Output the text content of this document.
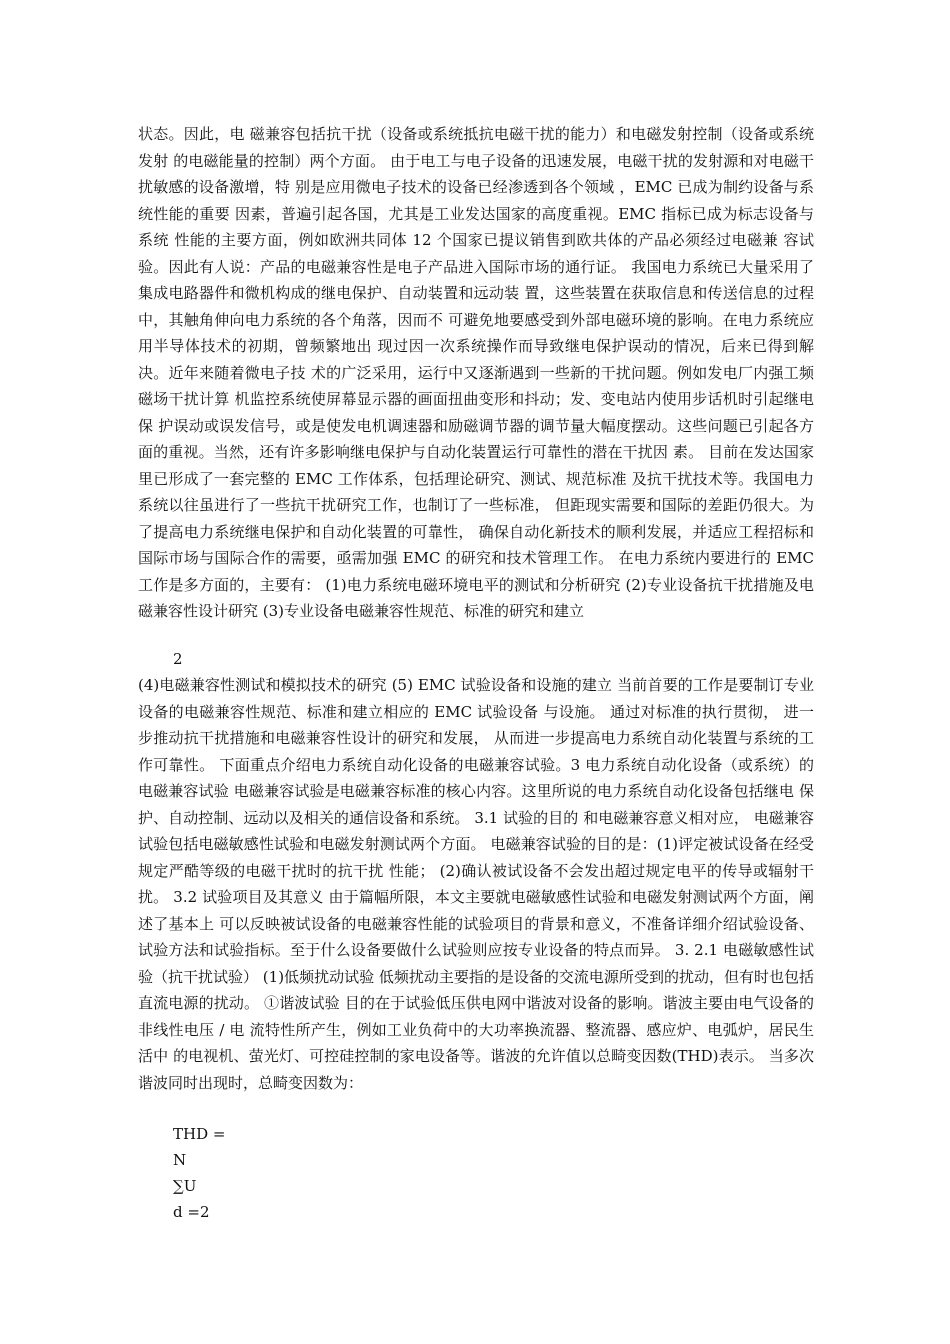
状态。因此，电 磁兼容包括抗干扰（设备或系统抵抗电磁干扰的能力）和电磁发射控制（设备或系统发射 的电磁能量的控制）两个方面。 由于电工与电子设备的迅速发展，电磁干扰的发射源和对电磁干扰敏感的设备激增，特 别是应用微电子技术的设备已经渗透到各个领域 ，EMC 已成为制约设备与系统性能的重要 因素，普遍引起各国，尤其是工业发达国家的高度重视。EMC 指标已成为标志设备与系统 性能的主要方面，例如欧洲共同体 12 个国家已提议销售到欧共体的产品必须经过电磁兼 容试验。因此有人说：产品的电磁兼容性是电子产品进入国际市场的通行证。 我国电力系统已大量采用了集成电路器件和微机构成的继电保护、自动装置和远动装 置，这些装置在获取信息和传送信息的过程中，其触角伸向电力系统的各个角落，因而不 可避免地要感受到外部电磁环境的影响。在电力系统应用半导体技术的初期，曾频繁地出 现过因一次系统操作而导致继电保护误动的情况，后来已得到解决。近年来随着微电子技 术的广泛采用，运行中又逐渐遇到一些新的干扰问题。例如发电厂内强工频磁场干扰计算 机监控系统使屏幕显示器的画面扭曲变形和抖动；发、变电站内使用步话机时引起继电保 护误动或误发信号，或是使发电机调速器和励磁调节器的调节量大幅度摆动。这些问题已引起各方面的重视。当然，还有许多影响继电保护与自动化装置运行可靠性的潜在干扰因 素。 目前在发达国家里已形成了一套完整的 EMC 工作体系，包括理论研究、测试、规范标准 及抗干扰技术等。我国电力系统以往虽进行了一些抗干扰研究工作，也制订了一些标准， 但距现实需要和国际的差距仍很大。为了提高电力系统继电保护和自动化装置的可靠性， 确保自动化新技术的顺利发展，并适应工程招标和国际市场与国际合作的需要，亟需加强 EMC 的研究和技术管理工作。 在电力系统内要进行的 EMC 工作是多方面的，主要有： (1)电力系统电磁环境电平的测试和分析研究 (2)专业设备抗干扰措施及电磁兼容性设计研究 (3)专业设备电磁兼容性规范、标准的研究和建立
2
(4)电磁兼容性测试和模拟技术的研究 (5) EMC 试验设备和设施的建立 当前首要的工作是要制订专业设备的电磁兼容性规范、标准和建立相应的 EMC 试验设备 与设施。 通过对标准的执行贯彻， 进一步推动抗干扰措施和电磁兼容性设计的研究和发展， 从而进一步提高电力系统自动化装置与系统的工作可靠性。 下面重点介绍电力系统自动化设备的电磁兼容试验。3 电力系统自动化设备（或系统）的电磁兼容试验 电磁兼容试验是电磁兼容标准的核心内容。这里所说的电力系统自动化设备包括继电 保护、自动控制、远动以及相关的通信设备和系统。 3.1 试验的目的 和电磁兼容意义相对应， 电磁兼容试验包括电磁敏感性试验和电磁发射测试两个方面。 电磁兼容试验的目的是：(1)评定被试设备在经受规定严酷等级的电磁干扰时的抗干扰 性能； (2)确认被试设备不会发出超过规定电平的传导或辐射干扰。 3.2 试验项目及其意义 由于篇幅所限，本文主要就电磁敏感性试验和电磁发射测试两个方面，阐述了基本上 可以反映被试设备的电磁兼容性能的试验项目的背景和意义，不准备详细介绍试验设备、 试验方法和试验指标。至于什么设备要做什么试验则应按专业设备的特点而异。 3. 2.1 电磁敏感性试验（抗干扰试验） (1)低频扰动试验 低频扰动主要指的是设备的交流电源所受到的扰动，但有时也包括直流电源的扰动。 ①谐波试验 目的在于试验低压供电网中谐波对设备的影响。谐波主要由电气设备的非线性电压 / 电 流特性所产生，例如工业负荷中的大功率换流器、整流器、感应炉、电弧炉，居民生活中 的电视机、萤光灯、可控硅控制的家电设备等。谐波的允许值以总畸变因数(THD)表示。 当多次谐波同时出现时，总畸变因数为：
THD =
N
∑U
d =2
